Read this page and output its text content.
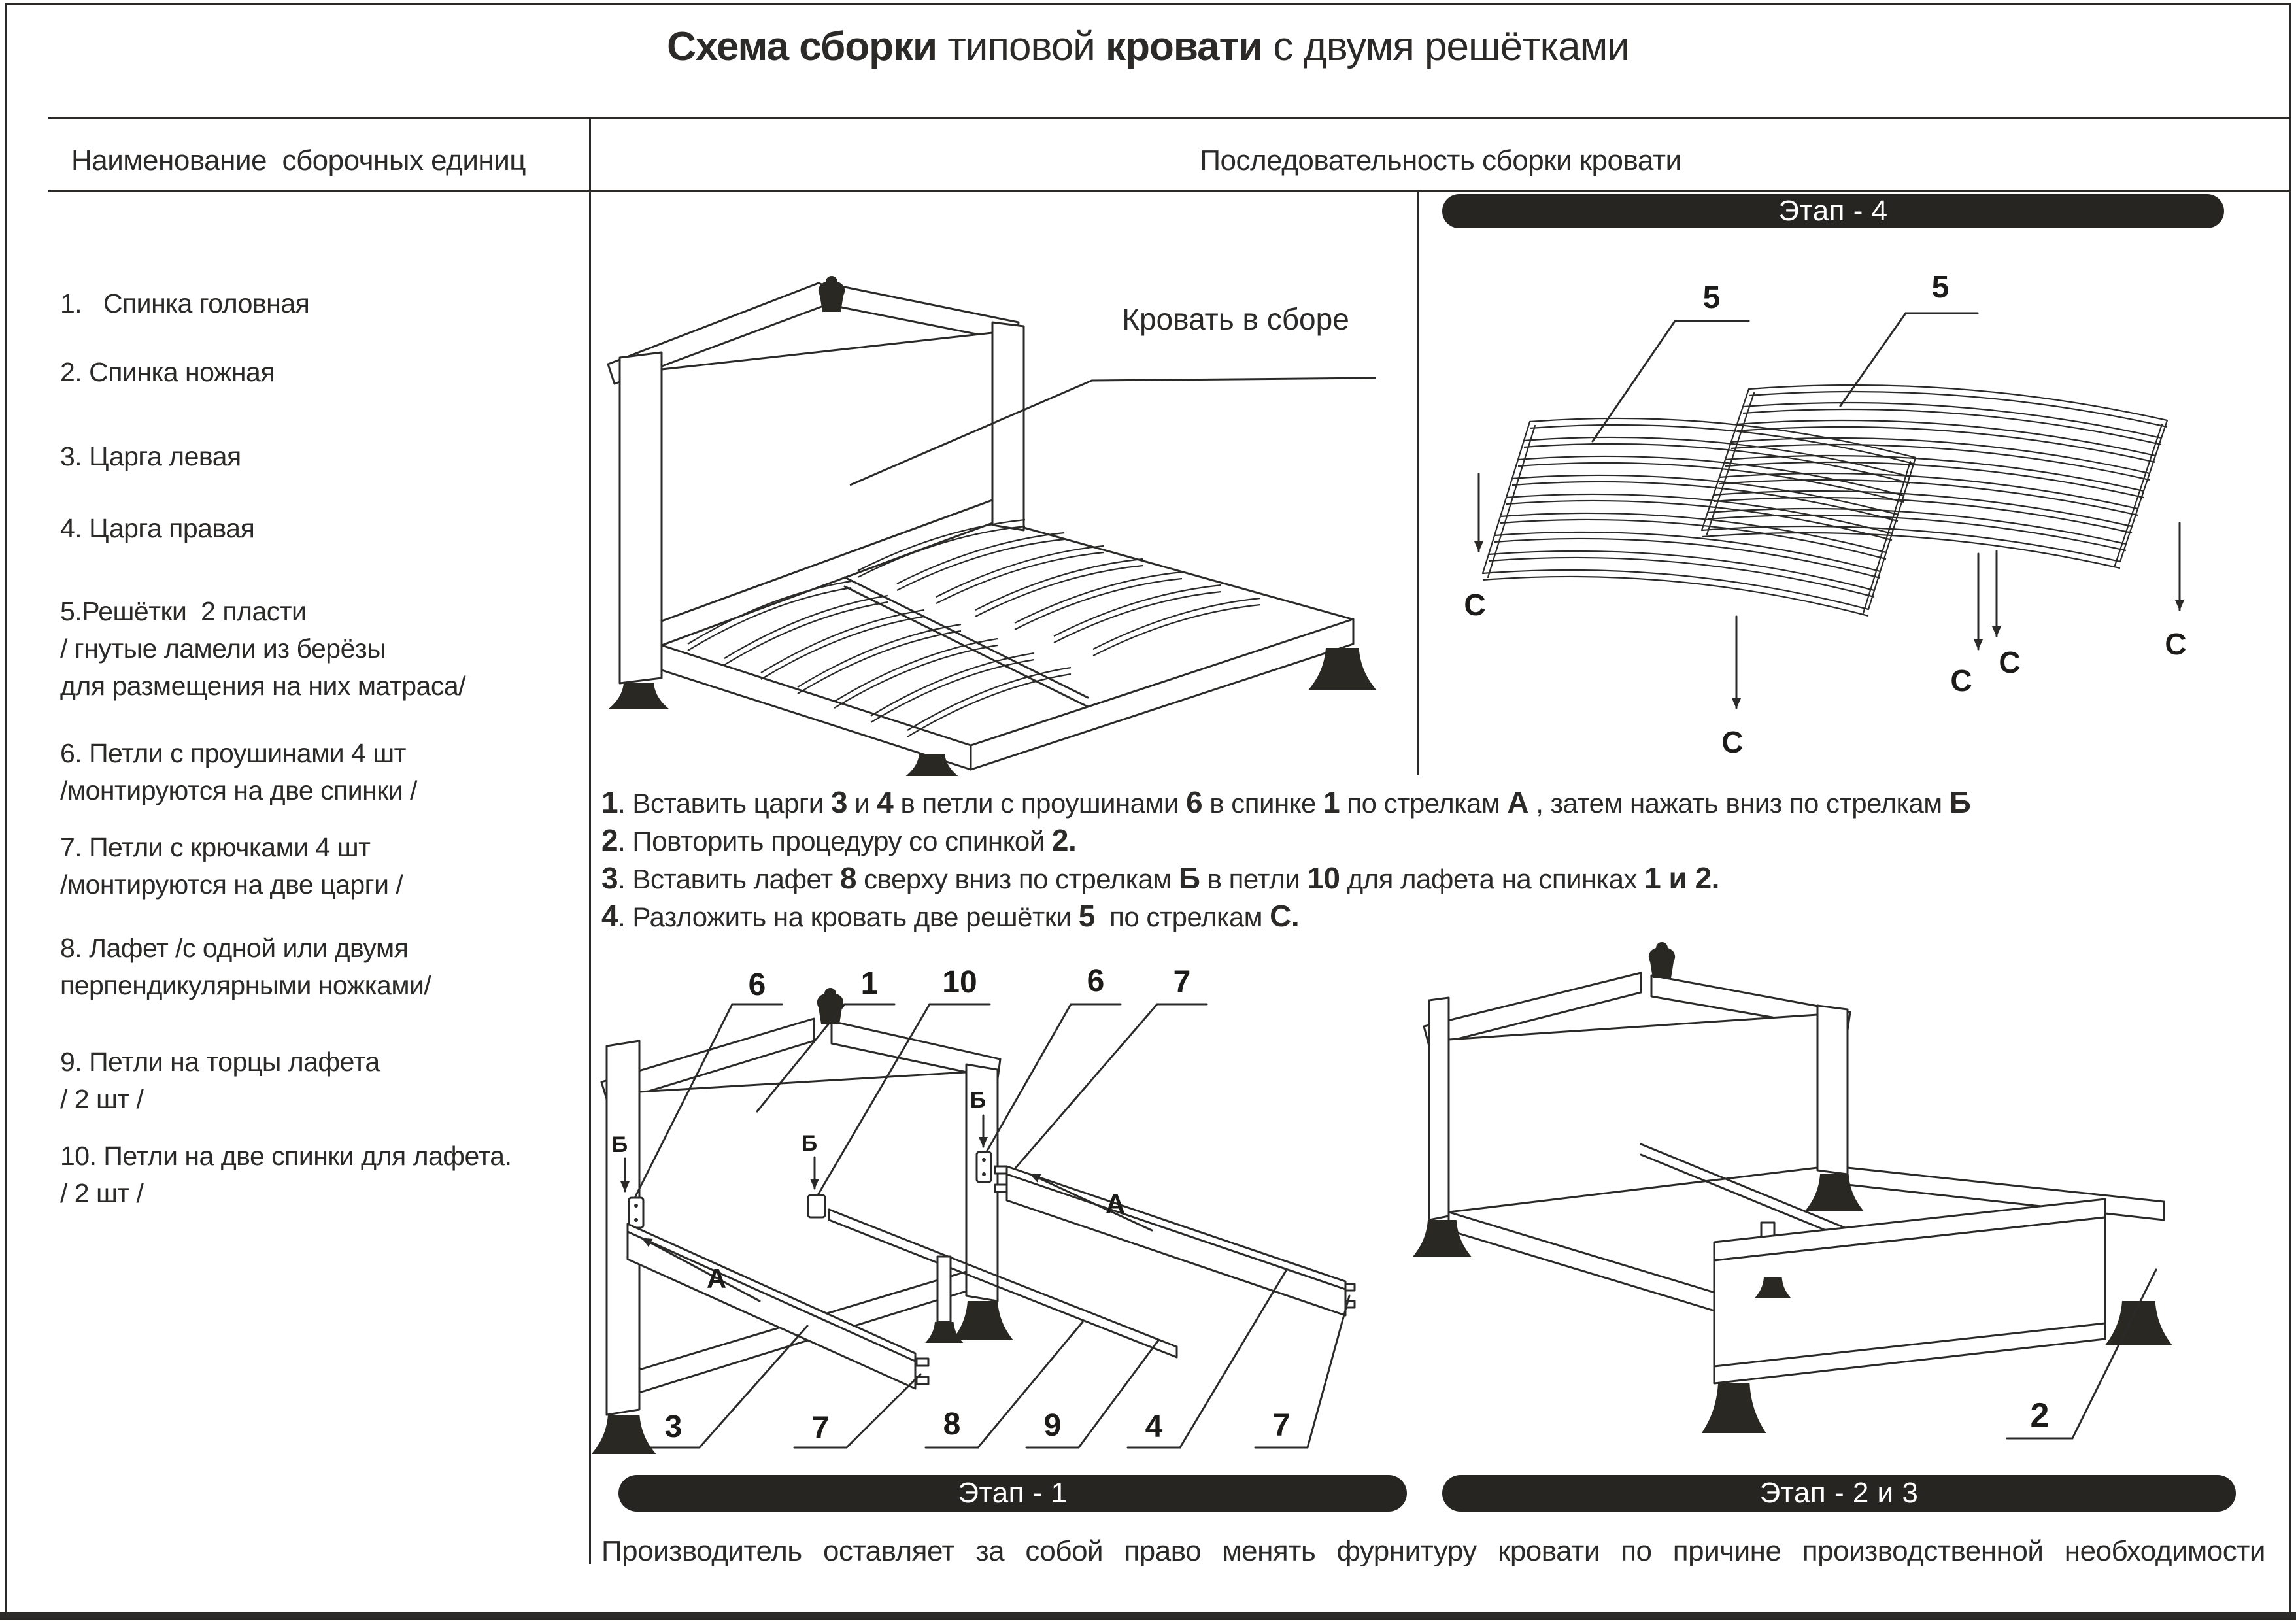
Схема сборки типовой кровати с двумя решётками
Наименование  сборочных единиц	Последовательность сборки кровати
1.   Спинка головная
2. Спинка ножная
3. Царга левая
4. Царга правая
5.Решётки  2 пласти
/ гнутые ламели из берёзы
для размещения на них матраса/
6. Петли с проушинами 4 шт
/монтируются на две спинки /
7. Петли с крючками 4 шт
/монтируются на две царги /
8. Лафет /с одной или двумя
перпендикулярными ножками/
9. Петли на торцы лафета
/ 2 шт /
10. Петли на две спинки для лафета.
/ 2 шт /
Кровать в сборе
5	5
С
С
С
С
С
Этап - 4
1. Вставить царги 3 и 4 в петли с проушинами 6 в спинке 1 по стрелкам А , затем нажать вниз по стрелкам Б
2. Повторить процедуру со спинкой 2.
3. Вставить лафет 8 сверху вниз по стрелкам Б в петли 10 для лафета на спинках 1 и 2.
4. Разложить на кровать две решётки 5  по стрелкам С.
6	1 10	6 7
3	7	8	9	4	7
Б	Б
Б
А
А
Этап - 1
2
Этап - 2 и 3
Производитель оставляет за собой право менять фурнитуру кровати по причине производственной необходимости
